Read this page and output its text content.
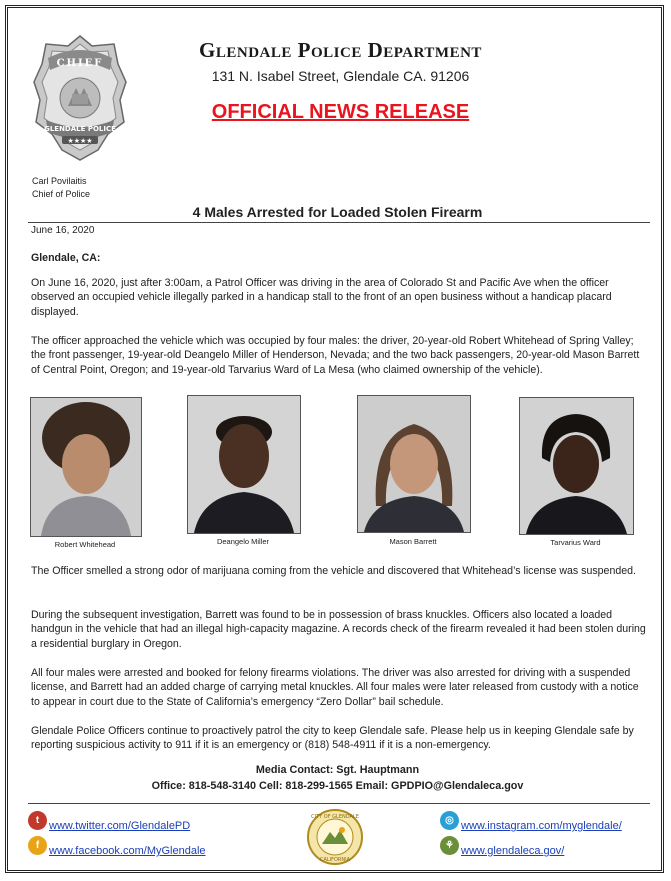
CHIEF
GLENDALE POLICE
★★★★
Glendale Police Department
131 N. Isabel Street, Glendale CA. 91206
OFFICIAL NEWS RELEASE
Carl Povilaitis
Chief of Police
4 Males Arrested for Loaded Stolen Firearm
June 16, 2020
Glendale, CA:
On June 16, 2020, just after 3:00am, a Patrol Officer was driving in the area of Colorado St and Pacific Ave when the officer observed an occupied vehicle illegally parked in a handicap stall to the front of an open business without a handicap placard displayed.
The officer approached the vehicle which was occupied by four males: the driver, 20-year-old Robert Whitehead of Spring Valley; the front passenger, 19-year-old Deangelo Miller of Henderson, Nevada; and the two back passengers, 20-year-old Mason Barrett of Central Point, Oregon; and 19-year-old Tarvarius Ward of La Mesa (who claimed ownership of the vehicle).
Robert Whitehead	Deangelo Miller	Mason Barrett	Tarvarius Ward
The Officer smelled a strong odor of marijuana coming from the vehicle and discovered that Whitehead’s license was suspended.
During the subsequent investigation, Barrett was found to be in possession of brass knuckles. Officers also located a loaded handgun in the vehicle that had an illegal high-capacity magazine. A records check of the firearm revealed it had been stolen during a residential burglary in Oregon.
All four males were arrested and booked for felony firearms violations. The driver was also arrested for driving with a suspended license, and Barrett had an added charge of carrying metal knuckles. All four males were later released from custody with a notice to appear in court due to the State of California’s emergency “Zero Dollar” bail schedule.
Glendale Police Officers continue to proactively patrol the city to keep Glendale safe. Please help us in keeping Glendale safe by reporting suspicious activity to 911 if it is an emergency or (818) 548-4911 if it is a non-emergency.
Media Contact: Sgt. Hauptmann
Office: 818-548-3140 Cell: 818-299-1565 Email: GPDPIO@Glendaleca.gov
t www.twitter.com/GlendalePD
f www.facebook.com/MyGlendale
CITY OF GLENDALE
CALIFORNIA
◎ www.instagram.com/myglendale/
⚘ www.glendaleca.gov/
